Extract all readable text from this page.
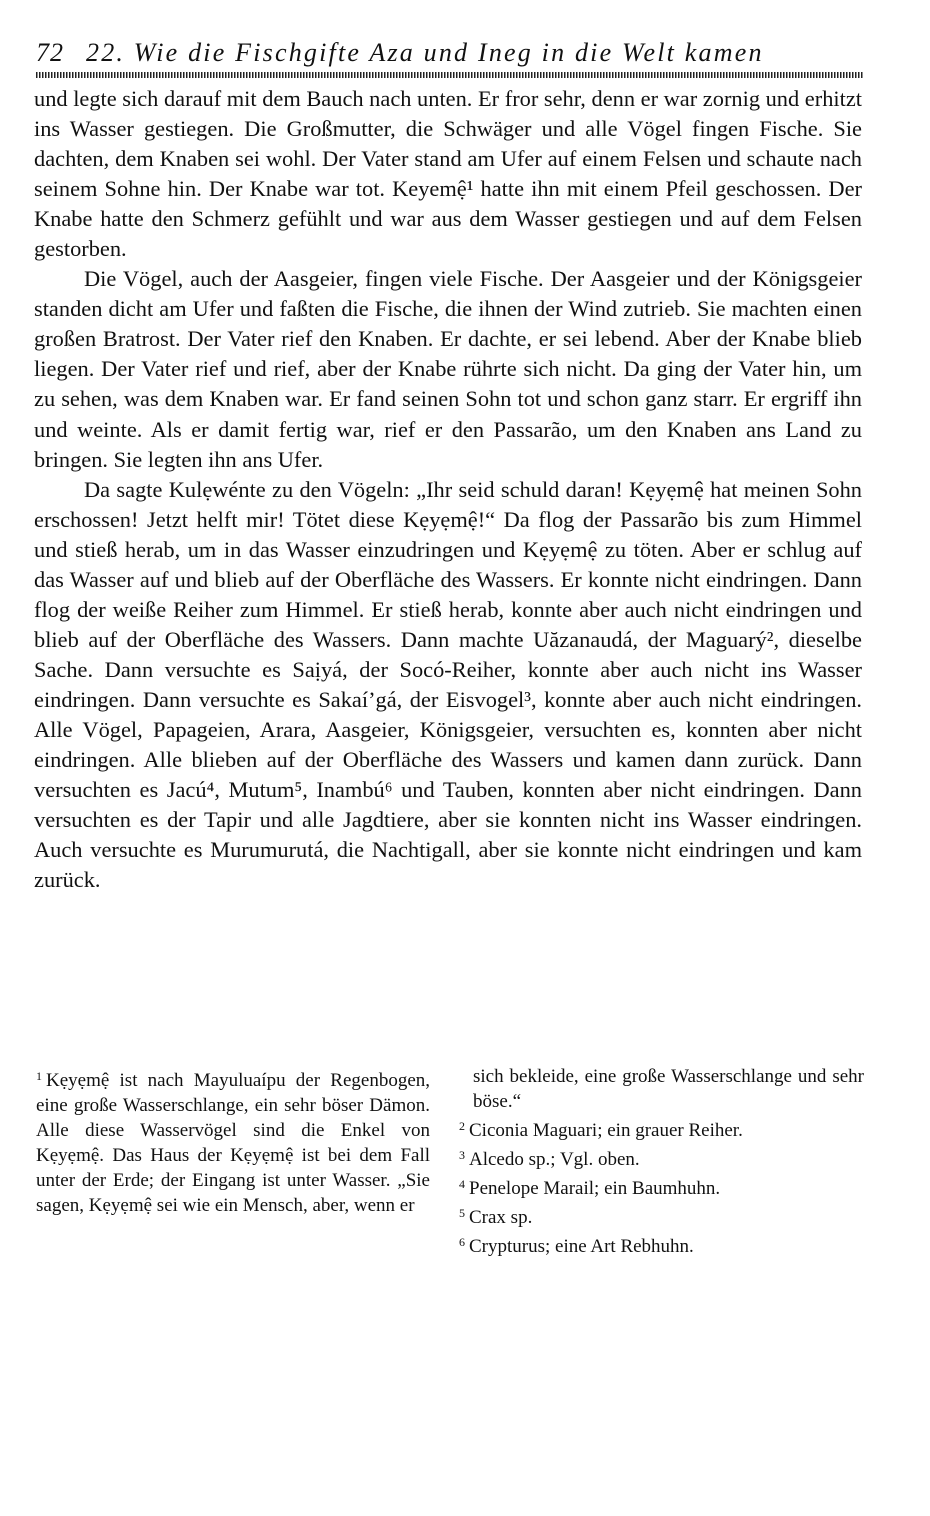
72 22. Wie die Fischgifte Aza und Ineg in die Welt kamen

und legte sich darauf mit dem Bauch nach unten. Er fror sehr, denn er war zornig und erhitzt ins Wasser gestiegen. Die Großmutter, die Schwäger und alle Vögel fingen Fische. Sie dachten, dem Knaben sei wohl. Der Vater stand am Ufer auf einem Felsen und schaute nach seinem Sohne hin. Der Knabe war tot. Keyemệ¹ hatte ihn mit einem Pfeil geschossen. Der Knabe hatte den Schmerz gefühlt und war aus dem Wasser gestiegen und auf dem Felsen gestorben.

Die Vögel, auch der Aasgeier, fingen viele Fische. Der Aasgeier und der Königsgeier standen dicht am Ufer und faßten die Fische, die ihnen der Wind zutrieb. Sie machten einen großen Bratrost. Der Vater rief den Knaben. Er dachte, er sei lebend. Aber der Knabe blieb liegen. Der Vater rief und rief, aber der Knabe rührte sich nicht. Da ging der Vater hin, um zu sehen, was dem Knaben war. Er fand seinen Sohn tot und schon ganz starr. Er ergriff ihn und weinte. Als er damit fertig war, rief er den Passarão, um den Knaben ans Land zu bringen. Sie legten ihn ans Ufer.

Da sagte Kulẹwénte zu den Vögeln: „Ihr seid schuld daran! Kẹyẹmệ hat meinen Sohn erschossen! Jetzt helft mir! Tötet diese Kẹyẹmệ!“ Da flog der Passarão bis zum Himmel und stieß herab, um in das Wasser einzudringen und Kẹyẹmệ zu töten. Aber er schlug auf das Wasser auf und blieb auf der Oberfläche des Wassers. Er konnte nicht eindringen. Dann flog der weiße Reiher zum Himmel. Er stieß herab, konnte aber auch nicht eindringen und blieb auf der Oberfläche des Wassers. Dann machte Uăzanaudá, der Maguarý², dieselbe Sache. Dann versuchte es Saịyá, der Socó-Reiher, konnte aber auch nicht ins Wasser eindringen. Dann versuchte es Sakaí’gá, der Eisvogel³, konnte aber auch nicht eindringen. Alle Vögel, Papageien, Arara, Aasgeier, Königsgeier, versuchten es, konnten aber nicht eindringen. Alle blieben auf der Oberfläche des Wassers und kamen dann zurück. Dann versuchten es Jacú⁴, Mutum⁵, Inambú⁶ und Tauben, konnten aber nicht eindringen. Dann versuchten es der Tapir und alle Jagdtiere, aber sie konnten nicht ins Wasser eindringen. Auch versuchte es Murumurutá, die Nachtigall, aber sie konnte nicht eindringen und kam zurück.

$^1$ Kẹyẹmệ ist nach Mayuluaípu der Regenbogen, eine große Wasserschlange, ein sehr böser Dämon. Alle diese Wasservögel sind die Enkel von Kẹyẹmệ. Das Haus der Kẹyẹmệ ist bei dem Fall unter der Erde; der Eingang ist unter Wasser. „Sie sagen, Kẹyẹmệ sei wie ein Mensch, aber, wenn er
sich bekleide, eine große Wasserschlange und sehr böse.“
$^2$ Ciconia Maguari; ein grauer Reiher.
$^3$ Alcedo sp.; Vgl. oben.
$^4$ Penelope Marail; ein Baumhuhn.
$^5$ Crax sp.
$^6$ Crypturus; eine Art Rebhuhn.
